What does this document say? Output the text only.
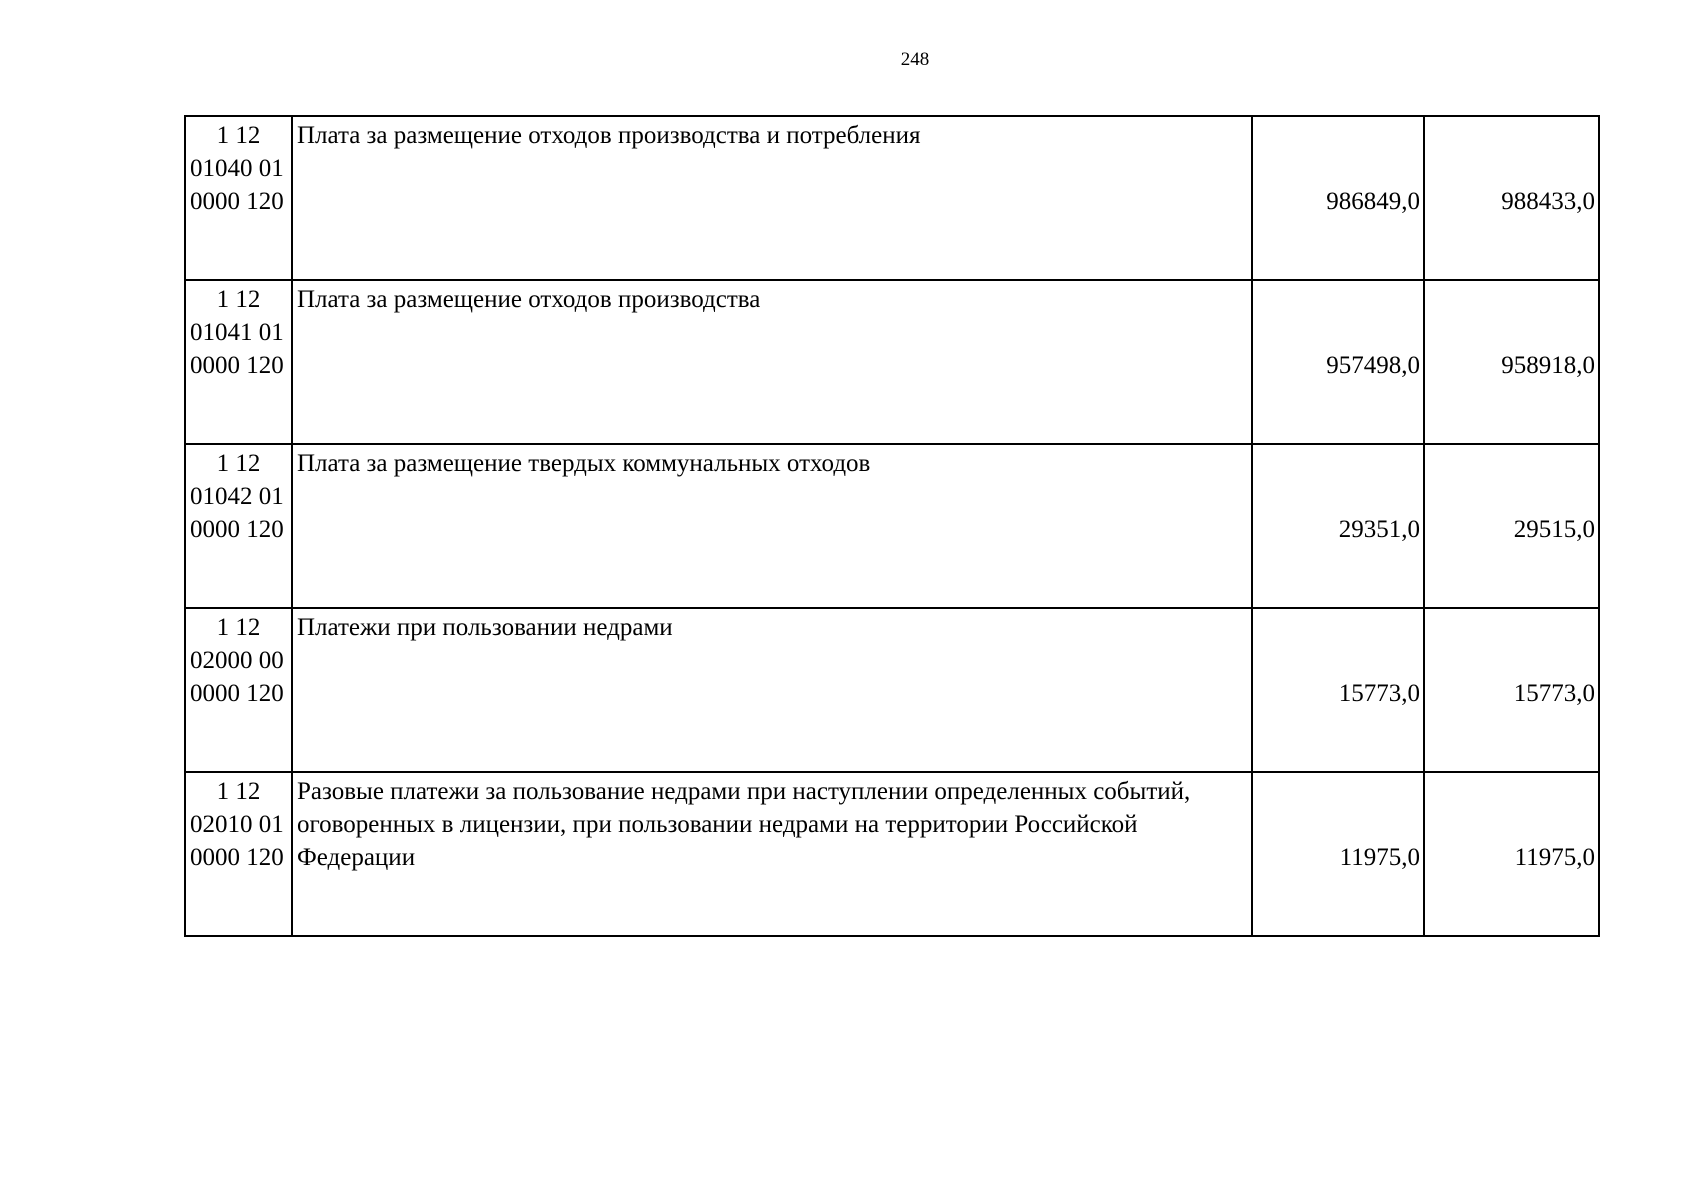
248
1 12
01040 01
0000 120	Плата за размещение отходов производства и потребления	986849,0	988433,0

1 12
01041 01
0000 120	Плата за размещение отходов производства	957498,0	958918,0

1 12
01042 01
0000 120	Плата за размещение твердых коммунальных отходов	29351,0	29515,0

1 12
02000 00
0000 120	Платежи при пользовании недрами	15773,0	15773,0

1 12
02010 01
0000 120	Разовые платежи за пользование недрами при наступлении определенных событий, оговоренных в лицензии, при пользовании недрами на территории Российской Федерации	11975,0	11975,0
